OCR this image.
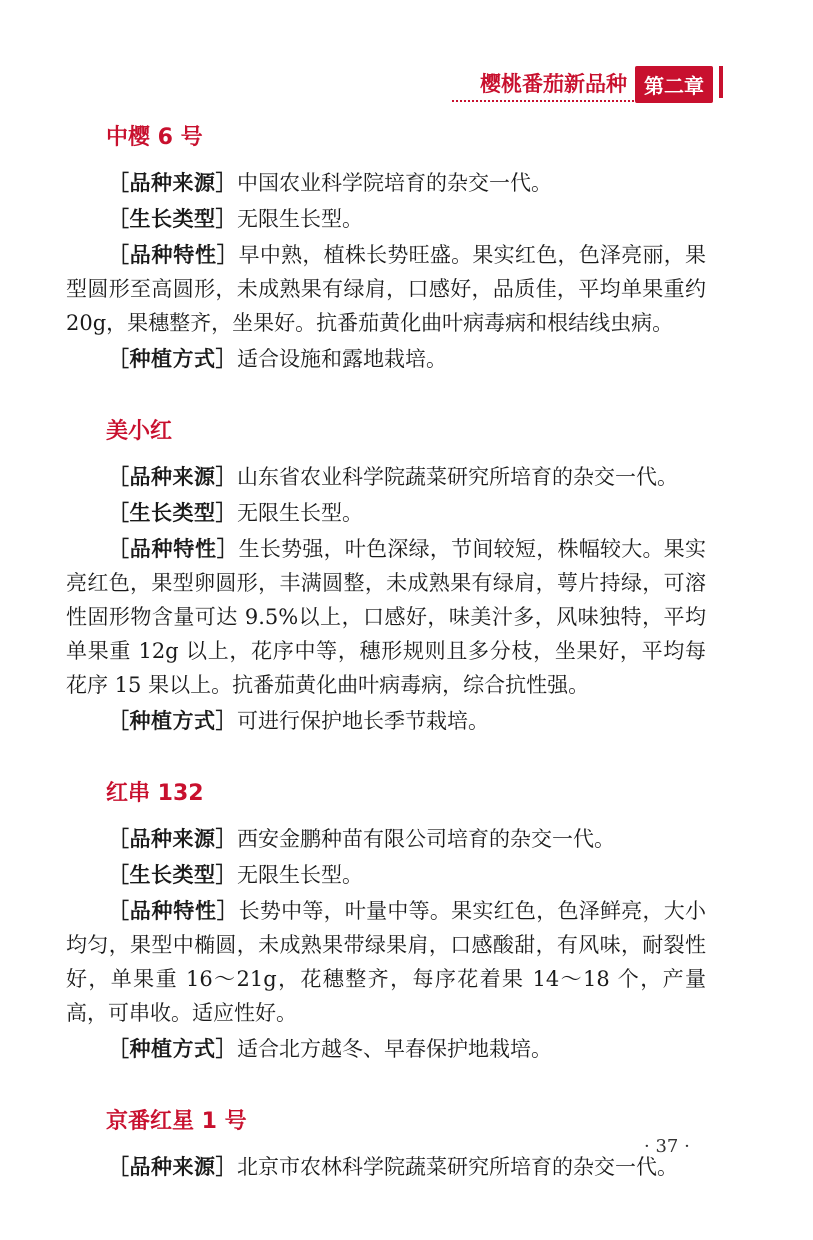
樱桃番茄新品种 第二章
中樱 6 号

［品种来源］中国农业科学院培育的杂交一代。

［生长类型］无限生长型。

［品种特性］早中熟，植株长势旺盛。果实红色，色泽亮丽，果型圆形至高圆形，未成熟果有绿肩，口感好，品质佳，平均单果重约 20g，果穗整齐，坐果好。抗番茄黄化曲叶病毒病和根结线虫病。

［种植方式］适合设施和露地栽培。

美小红

［品种来源］山东省农业科学院蔬菜研究所培育的杂交一代。

［生长类型］无限生长型。

［品种特性］生长势强，叶色深绿，节间较短，株幅较大。果实亮红色，果型卵圆形，丰满圆整，未成熟果有绿肩，萼片持绿，可溶性固形物含量可达 9.5%以上，口感好，味美汁多，风味独特，平均单果重 12g 以上，花序中等，穗形规则且多分枝，坐果好，平均每花序 15 果以上。抗番茄黄化曲叶病毒病，综合抗性强。

［种植方式］可进行保护地长季节栽培。

红串 132

［品种来源］西安金鹏种苗有限公司培育的杂交一代。

［生长类型］无限生长型。

［品种特性］长势中等，叶量中等。果实红色，色泽鲜亮，大小均匀，果型中椭圆，未成熟果带绿果肩，口感酸甜，有风味，耐裂性好，单果重 16～21g，花穗整齐，每序花着果 14～18 个，产量高，可串收。适应性好。

［种植方式］适合北方越冬、早春保护地栽培。

京番红星 1 号

［品种来源］北京市农林科学院蔬菜研究所培育的杂交一代。

· 37 ·
